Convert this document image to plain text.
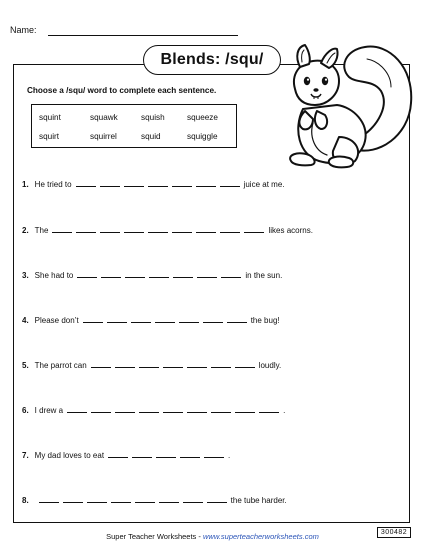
Name:
Blends: /squ/
Choose a /squ/ word to complete each sentence.
squint	squawk	squish	squeeze
squirt	squirrel	squid	squiggle
1. He tried to	juice at me.
2. The	likes acorns.
3. She had to	in the sun.
4. Please don’t	the bug!
5. The parrot can	loudly.
6. I drew a	.
7. My dad loves to eat	.
8.	the tube harder.
Super Teacher Worksheets - www.superteacherworksheets.com	300482
